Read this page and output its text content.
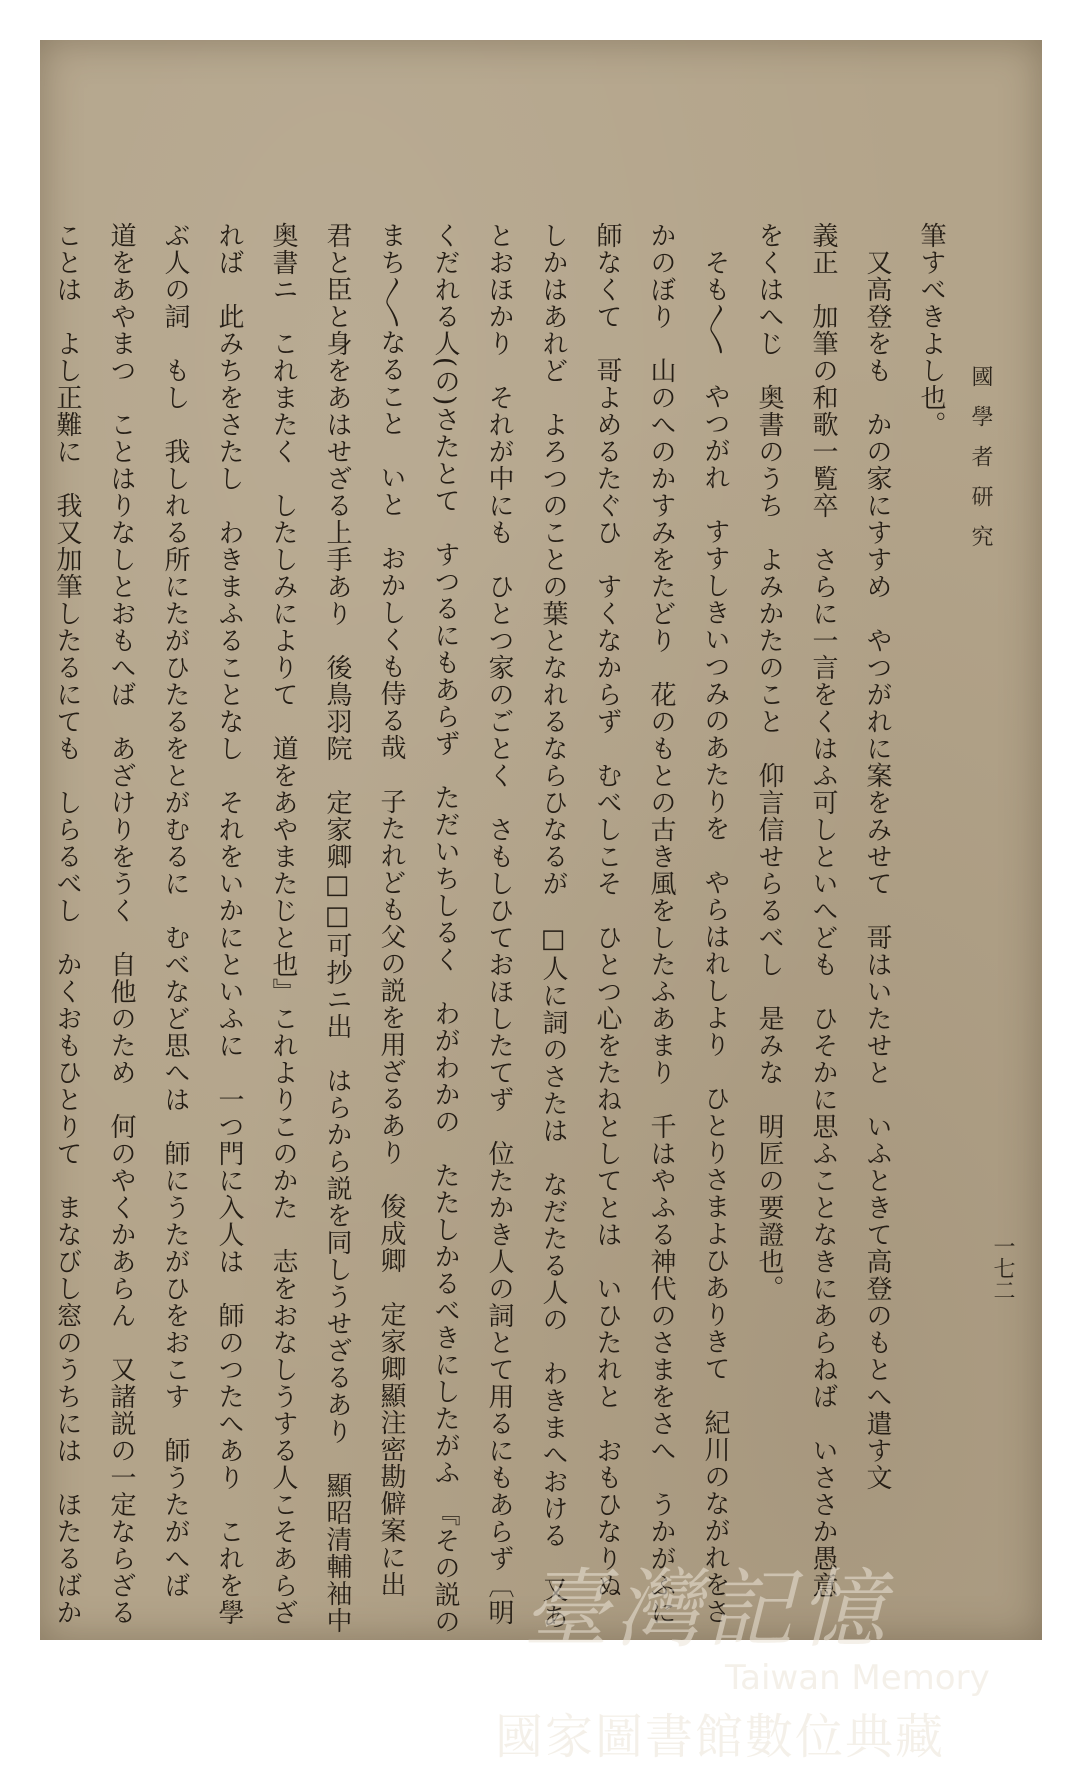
國學者研究
一七二
筆すべきよし也。
　又高登をも　かの家にすすめ　やつがれに案をみせて　哥はいたせと　いふときて高登のもとへ遣す文
義正　加筆の和歌一覧卒　さらに一言をくはふ可しといへども　ひそかに思ふことなきにあらねば　いささか愚意
をくはへじ　奥書のうち　よみかたのこと　仰言信せらるべし　是みな　明匠の要證也。
　そも〳〵　やつがれ　すすしきいつみのあたりを　やらはれしより　ひとりさまよひありきて　紀川のながれをさ
かのぼり　山のへのかすみをたどり　花のもとの古き風をしたふあまり　千はやふる神代のさまをさへ　うかがふに
師なくて　哥よめるたぐひ　すくなからず　むべしこそ　ひとつ心をたねとしてとは　いひたれと　おもひなりぬ
しかはあれど　よろつのことの葉となれるならひなるが　□人に詞のさたは　なだたる人の　わきまへおける　又あ
とおほかり　それが中にも　ひとつ家のごとく　さもしひておほしたてず　位たかき人の詞とて用るにもあらず〔明
くだれる人(の)さたとて　すつるにもあらず　ただいちしるく　わがわかの　たたしかるべきにしたがふ　『その説の
まち〳〵なること　いと　おかしくも侍る哉　子たれども父の説を用ざるあり　俊成卿　定家卿顯注密勘僻案に出
君と臣と身をあはせざる上手あり　後鳥羽院　定家卿□□可抄ニ出　はらから説を同しうせざるあり　顯昭清輔袖中
奥書ニ　これまたく　したしみによりて　道をあやまたじと也』これよりこのかた　志をおなしうする人こそあらざ
れば　此みちをさたし　わきまふることなし　それをいかにといふに　一つ門に入人は　師のつたへあり　これを學
ぶ人の詞　もし　我しれる所にたがひたるをとがむるに　むべなど思へは　師にうたがひをおこす　師うたがへば
道をあやまつ　ことはりなしとおもへば　あざけりをうく　自他のため　何のやくかあらん　又諸説の一定ならざる
ことは　よし正難に　我又加筆したるにても　しらるべし　かくおもひとりて　まなびし窓のうちには　ほたるばか	臺灣記憶
Taiwan Memory
國家圖書館數位典藏
